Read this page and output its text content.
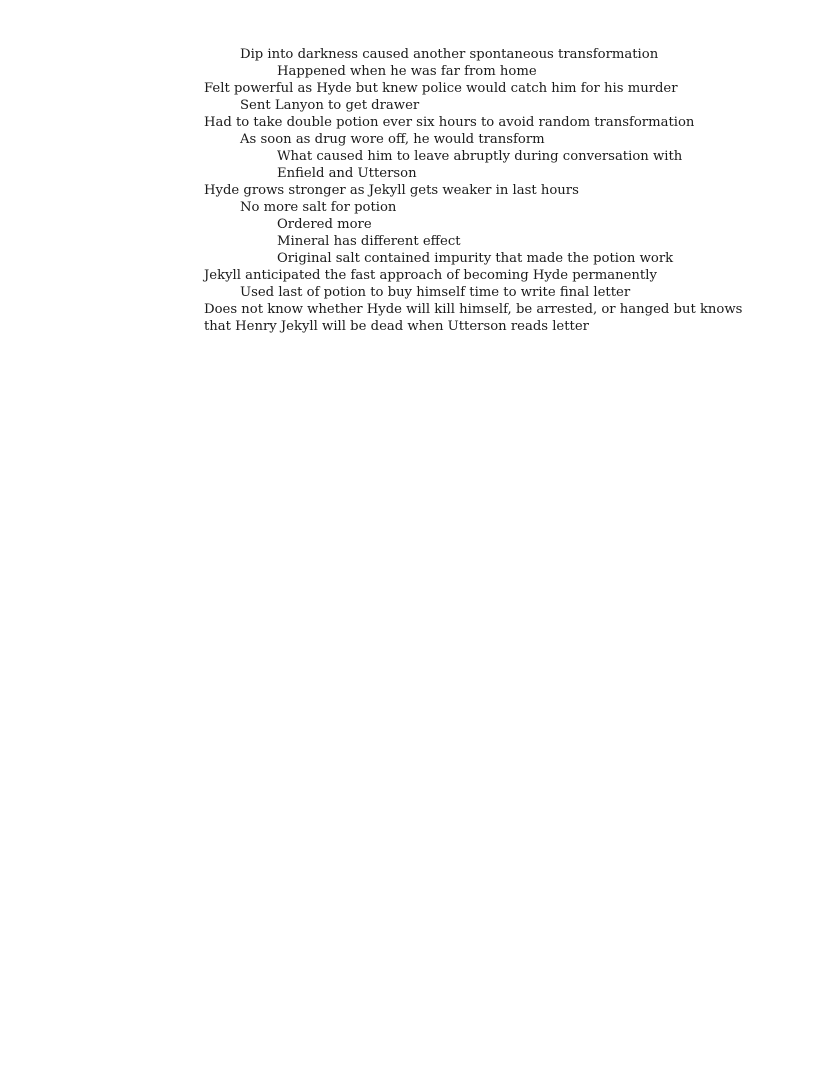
Dip into darkness caused another spontaneous transformation
Happened when he was far from home
Felt powerful as Hyde but knew police would catch him for his murder
Sent Lanyon to get drawer
Had to take double potion ever six hours to avoid random transformation
As soon as drug wore off, he would transform
What caused him to leave abruptly during conversation with Enfield and Utterson
Hyde grows stronger as Jekyll gets weaker in last hours
No more salt for potion
Ordered more
Mineral has different effect
Original salt contained impurity that made the potion work
Jekyll anticipated the fast approach of becoming Hyde permanently
Used last of potion to buy himself time to write final letter
Does not know whether Hyde will kill himself, be arrested, or hanged but knows that Henry Jekyll will be dead when Utterson reads letter
